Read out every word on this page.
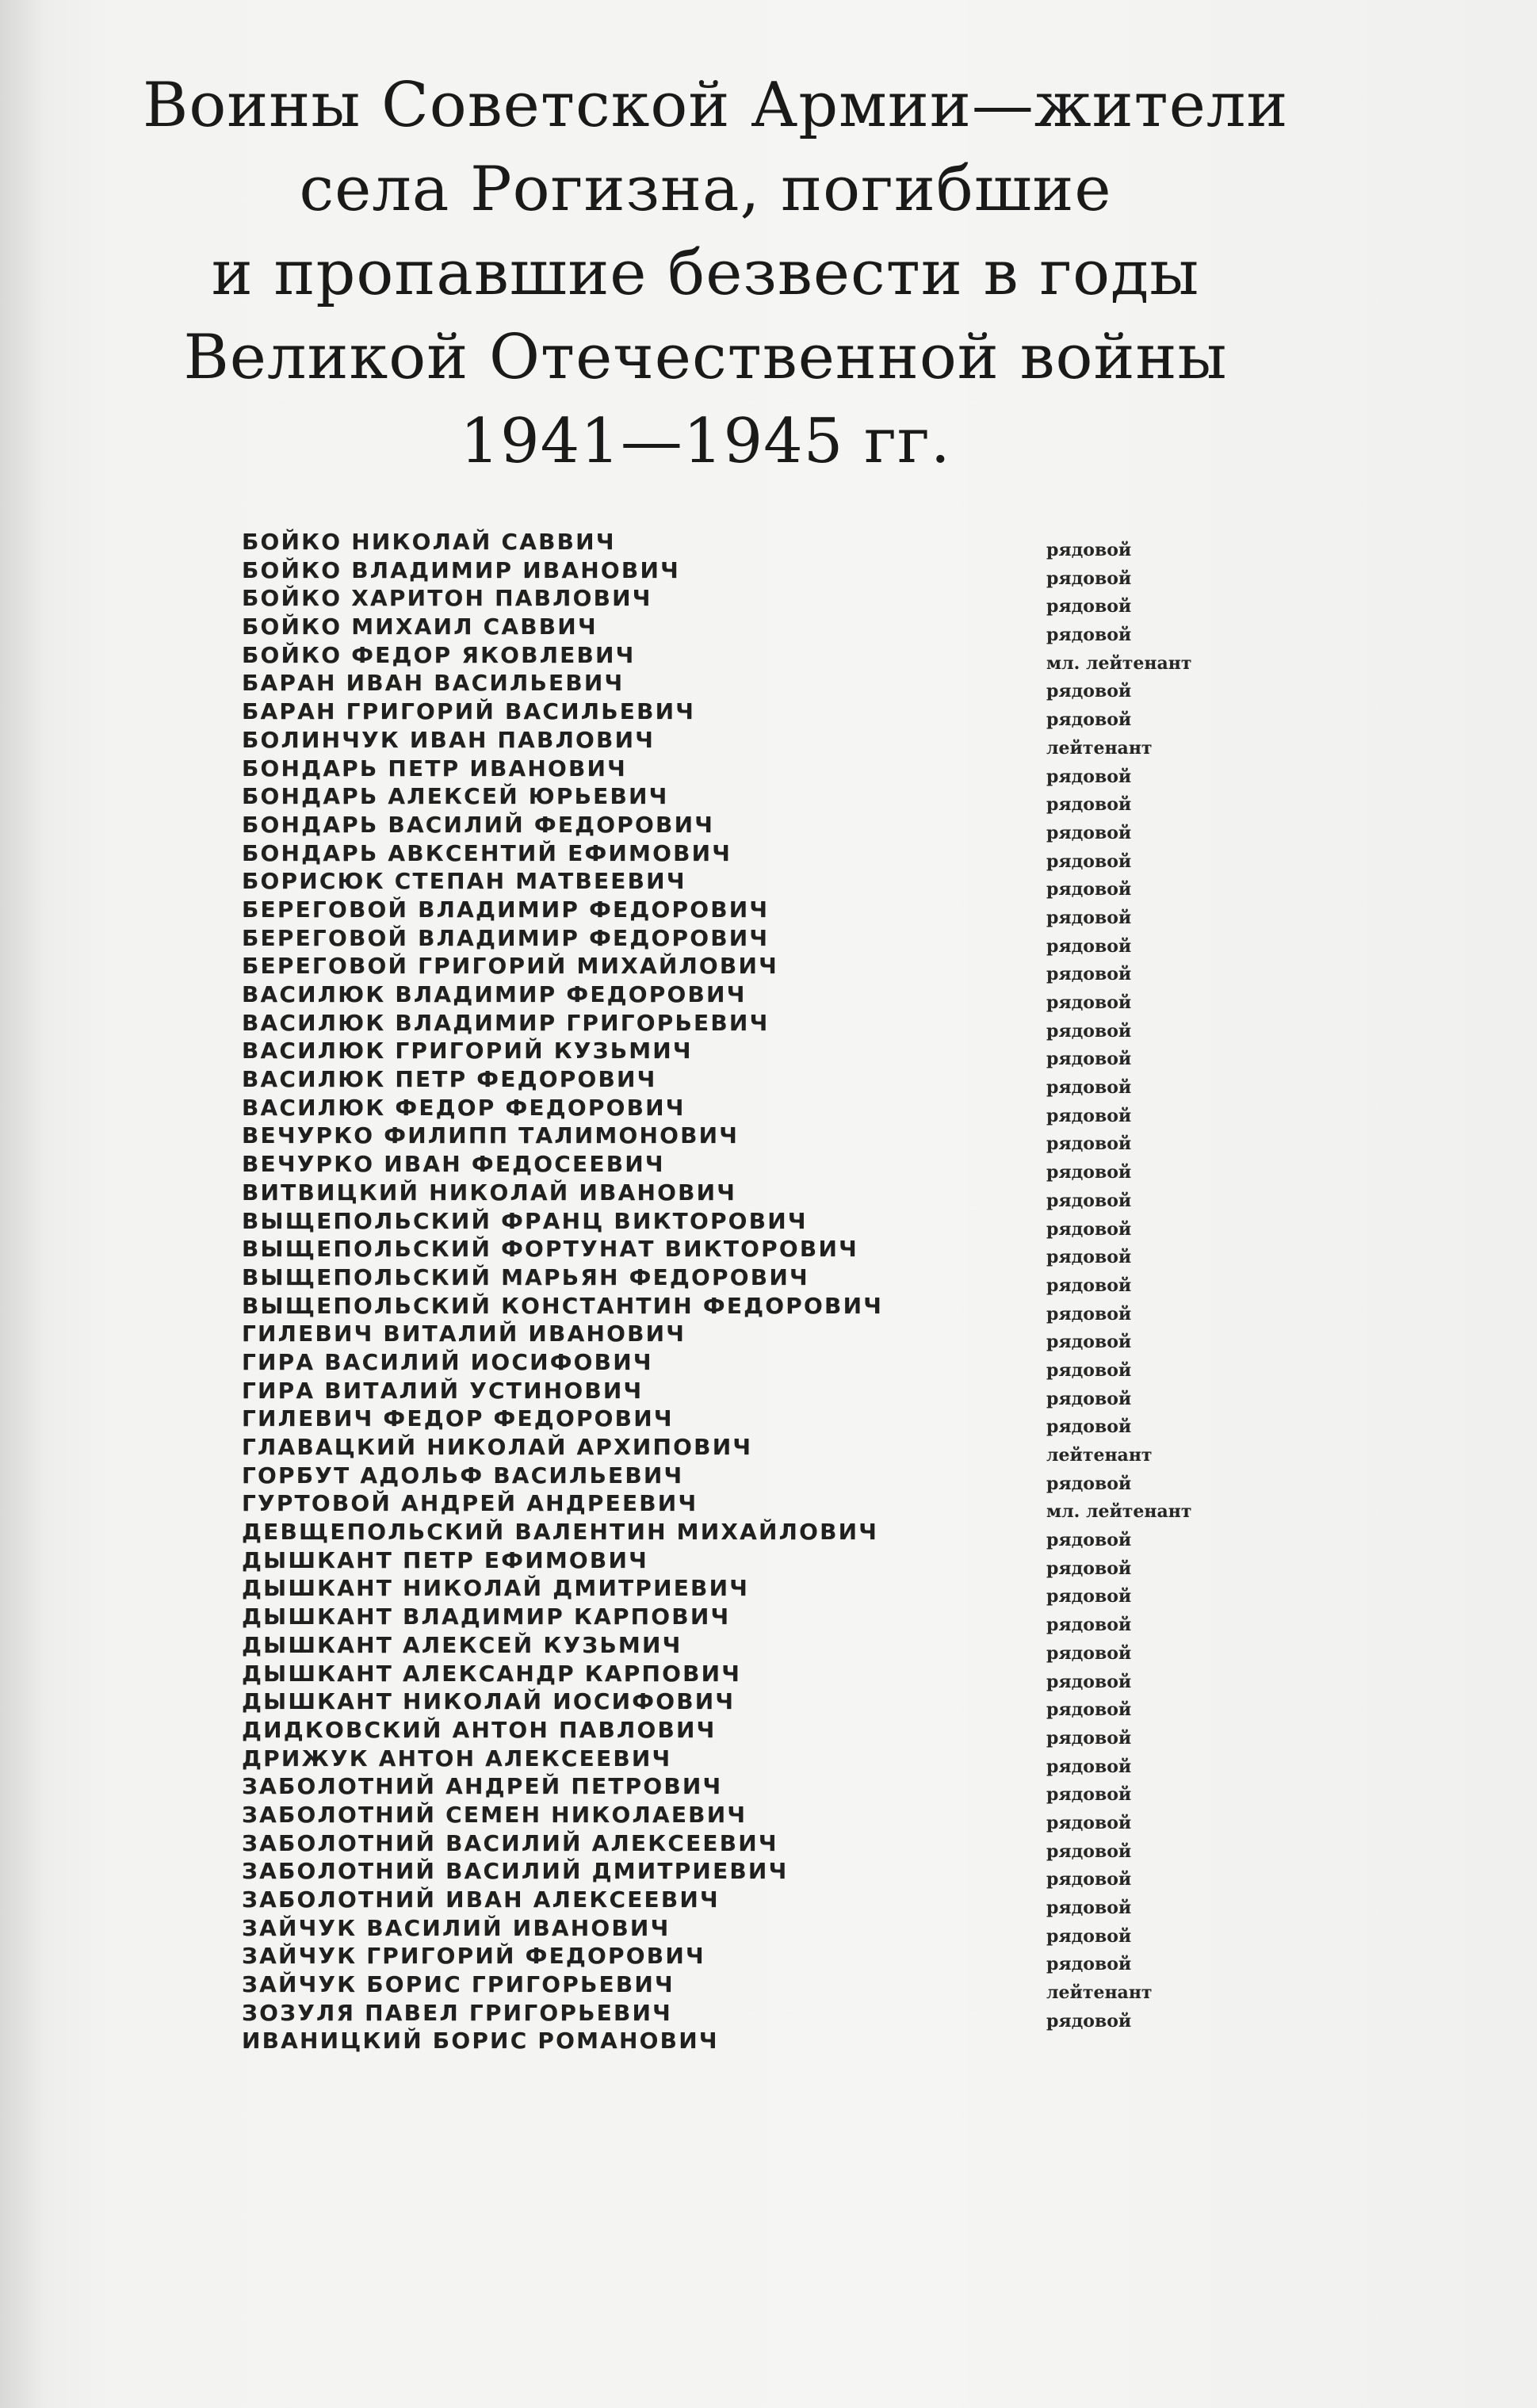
Воины Советской Армии—жители
села Рогизна, погибшие
и пропавшие безвести в годы
Великой Отечественной войны
1941—1945 гг.
БОЙКО НИКОЛАЙ САВВИЧ	рядовой
БОЙКО ВЛАДИМИР ИВАНОВИЧ	рядовой
БОЙКО ХАРИТОН ПАВЛОВИЧ	рядовой
БОЙКО МИХАИЛ САВВИЧ	рядовой
БОЙКО ФЕДОР ЯКОВЛЕВИЧ	мл. лейтенант
БАРАН ИВАН ВАСИЛЬЕВИЧ	рядовой
БАРАН ГРИГОРИЙ ВАСИЛЬЕВИЧ	рядовой
БОЛИНЧУК ИВАН ПАВЛОВИЧ	лейтенант
БОНДАРЬ ПЕТР ИВАНОВИЧ	рядовой
БОНДАРЬ АЛЕКСЕЙ ЮРЬЕВИЧ	рядовой
БОНДАРЬ ВАСИЛИЙ ФЕДОРОВИЧ	рядовой
БОНДАРЬ АВКСЕНТИЙ ЕФИМОВИЧ	рядовой
БОРИСЮК СТЕПАН МАТВЕЕВИЧ	рядовой
БЕРЕГОВОЙ ВЛАДИМИР ФЕДОРОВИЧ	рядовой
БЕРЕГОВОЙ ВЛАДИМИР ФЕДОРОВИЧ	рядовой
БЕРЕГОВОЙ ГРИГОРИЙ МИХАЙЛОВИЧ	рядовой
ВАСИЛЮК ВЛАДИМИР ФЕДОРОВИЧ	рядовой
ВАСИЛЮК ВЛАДИМИР ГРИГОРЬЕВИЧ	рядовой
ВАСИЛЮК ГРИГОРИЙ КУЗЬМИЧ	рядовой
ВАСИЛЮК ПЕТР ФЕДОРОВИЧ	рядовой
ВАСИЛЮК ФЕДОР ФЕДОРОВИЧ	рядовой
ВЕЧУРКО ФИЛИПП ТАЛИМОНОВИЧ	рядовой
ВЕЧУРКО ИВАН ФЕДОСЕЕВИЧ	рядовой
ВИТВИЦКИЙ НИКОЛАЙ ИВАНОВИЧ	рядовой
ВЫЩЕПОЛЬСКИЙ ФРАНЦ ВИКТОРОВИЧ	рядовой
ВЫЩЕПОЛЬСКИЙ ФОРТУНАТ ВИКТОРОВИЧ	рядовой
ВЫЩЕПОЛЬСКИЙ МАРЬЯН ФЕДОРОВИЧ	рядовой
ВЫЩЕПОЛЬСКИЙ КОНСТАНТИН ФЕДОРОВИЧ	рядовой
ГИЛЕВИЧ ВИТАЛИЙ ИВАНОВИЧ	рядовой
ГИРА ВАСИЛИЙ ИОСИФОВИЧ	рядовой
ГИРА ВИТАЛИЙ УСТИНОВИЧ	рядовой
ГИЛЕВИЧ ФЕДОР ФЕДОРОВИЧ	рядовой
ГЛАВАЦКИЙ НИКОЛАЙ АРХИПОВИЧ	лейтенант
ГОРБУТ АДОЛЬФ ВАСИЛЬЕВИЧ	рядовой
ГУРТОВОЙ АНДРЕЙ АНДРЕЕВИЧ	мл. лейтенант
ДЕВЩЕПОЛЬСКИЙ ВАЛЕНТИН МИХАЙЛОВИЧ	рядовой
ДЫШКАНТ ПЕТР ЕФИМОВИЧ	рядовой
ДЫШКАНТ НИКОЛАЙ ДМИТРИЕВИЧ	рядовой
ДЫШКАНТ ВЛАДИМИР КАРПОВИЧ	рядовой
ДЫШКАНТ АЛЕКСЕЙ КУЗЬМИЧ	рядовой
ДЫШКАНТ АЛЕКСАНДР КАРПОВИЧ	рядовой
ДЫШКАНТ НИКОЛАЙ ИОСИФОВИЧ	рядовой
ДИДКОВСКИЙ АНТОН ПАВЛОВИЧ	рядовой
ДРИЖУК АНТОН АЛЕКСЕЕВИЧ	рядовой
ЗАБОЛОТНИЙ АНДРЕЙ ПЕТРОВИЧ	рядовой
ЗАБОЛОТНИЙ СЕМЕН НИКОЛАЕВИЧ	рядовой
ЗАБОЛОТНИЙ ВАСИЛИЙ АЛЕКСЕЕВИЧ	рядовой
ЗАБОЛОТНИЙ ВАСИЛИЙ ДМИТРИЕВИЧ	рядовой
ЗАБОЛОТНИЙ ИВАН АЛЕКСЕЕВИЧ	рядовой
ЗАЙЧУК ВАСИЛИЙ ИВАНОВИЧ	рядовой
ЗАЙЧУК ГРИГОРИЙ ФЕДОРОВИЧ	рядовой
ЗАЙЧУК БОРИС ГРИГОРЬЕВИЧ	лейтенант
ЗОЗУЛЯ ПАВЕЛ ГРИГОРЬЕВИЧ	рядовой
ИВАНИЦКИЙ БОРИС РОМАНОВИЧ
